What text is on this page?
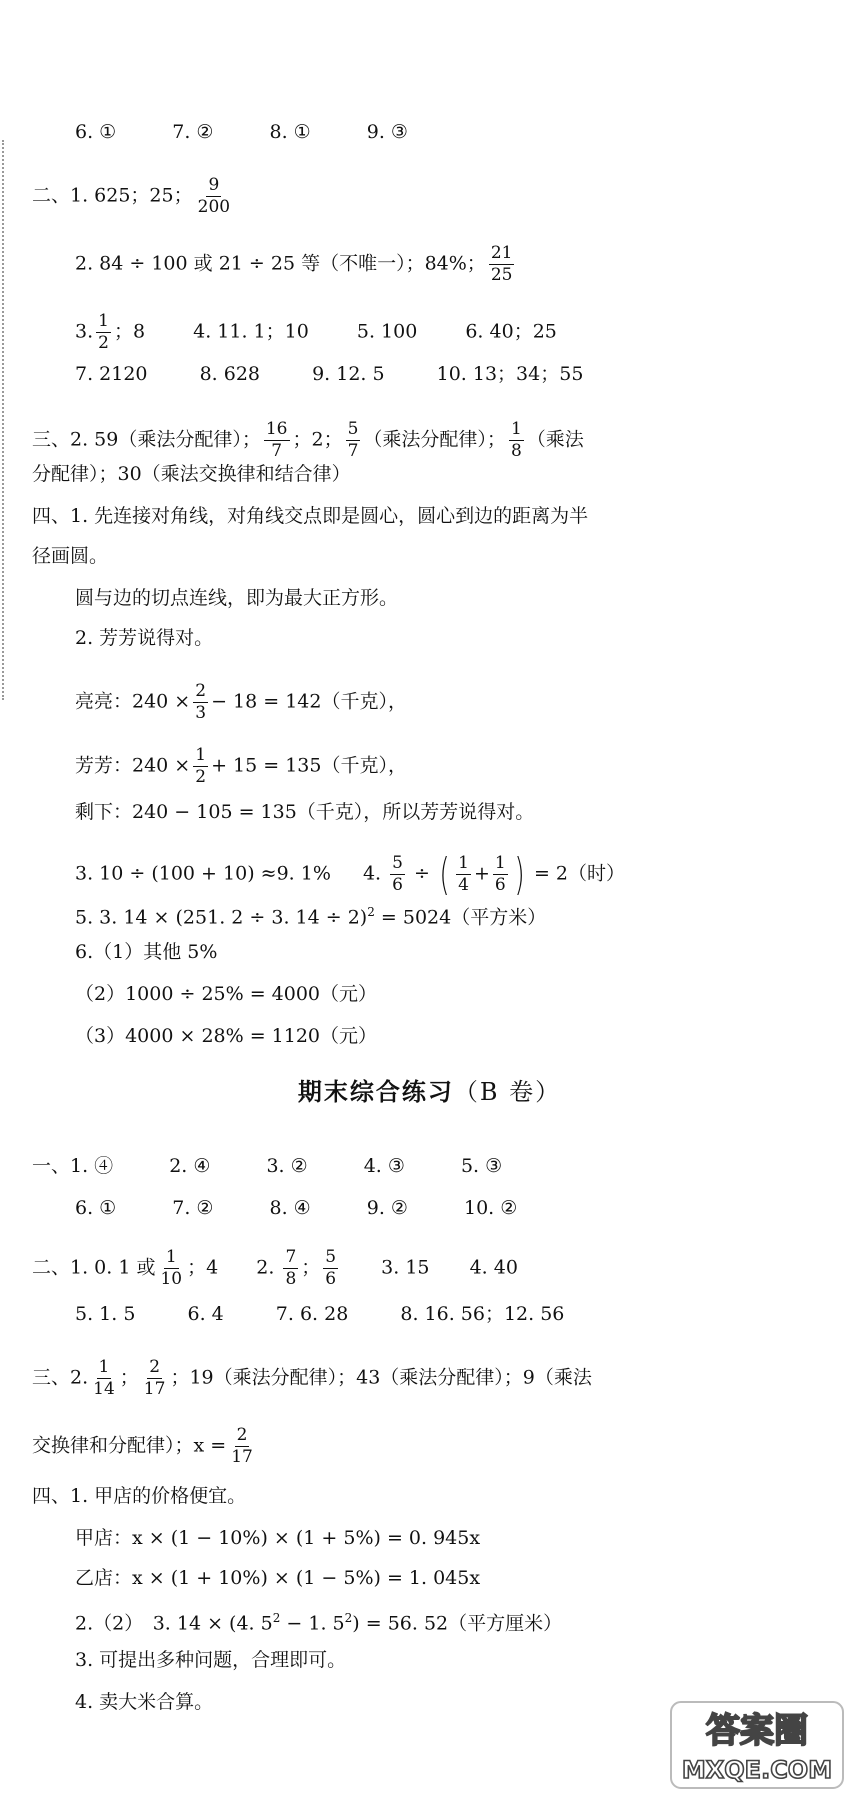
6. ①	7. ②	8. ①	9. ③
二、1. 625；25； $\frac{9}{200}$
2. 84 ÷ 100 或 21 ÷ 25 等（不唯一）；84%； $\frac{21}{25}$
3. $\frac{1}{2}$ ；8	4. 11. 1；10	5. 100	6. 40；25
7. 2120	8. 628	9. 12. 5	10. 13；34；55
三、2. 59（乘法分配律）； $\frac{16}{7}$ ；2； $\frac{5}{7}$ （乘法分配律）； $\frac{1}{8}$ （乘法
分配律）；30（乘法交换律和结合律）
四、1. 先连接对角线，对角线交点即是圆心，圆心到边的距离为半
径画圆。
圆与边的切点连线，即为最大正方形。
2. 芳芳说得对。
亮亮：$240 \times \frac{2}{3} - 18 = 142$（千克），
芳芳：$240 \times \frac{1}{2} + 15 = 135$（千克），
剩下：240 − 105 = 135（千克），所以芳芳说得对。
3. 10 ÷ (100 + 10) ≈9. 1% 4. $\frac{5}{6}$ ÷ ( $\frac{1}{4} + \frac{1}{6}$ ) = 2（时）
5. 3. 14 × (251. 2 ÷ 3. 14 ÷ 2)$^2$ = 5024（平方米）
6.（1）其他 5%
（2）1000 ÷ 25% = 4000（元）
（3）4000 × 28% = 1120（元）
期末综合练习（B 卷）
一、1. ④	2. ④	3. ②	4. ③	5. ③
6. ①	7. ②	8. ④	9. ②	10. ②
二、1. 0. 1 或 $\frac{1}{10}$ ；4 2. $\frac{7}{8}$ ； $\frac{5}{6} 3$. 15 4. 40
5. 1. 5	6. 4	7. 6. 28	8. 16. 56；12. 56
三、2. $\frac{1}{14}$ ； $\frac{2}{17}$ ；19（乘法分配律）；43（乘法分配律）；9（乘法
交换律和分配律）；$x = \frac{2}{17}$
四、1. 甲店的价格便宜。
甲店：x × (1 − 10%) × (1 + 5%) = 0. 945x
乙店：x × (1 + 10%) × (1 − 5%) = 1. 045x
2.（2）　3. 14 × (4. $5^2 - 1$. $5^2) = 56$. 52（平方厘米）
3. 可提出多种问题，合理即可。
4. 卖大米合算。
答案圈
MXQE.COM
